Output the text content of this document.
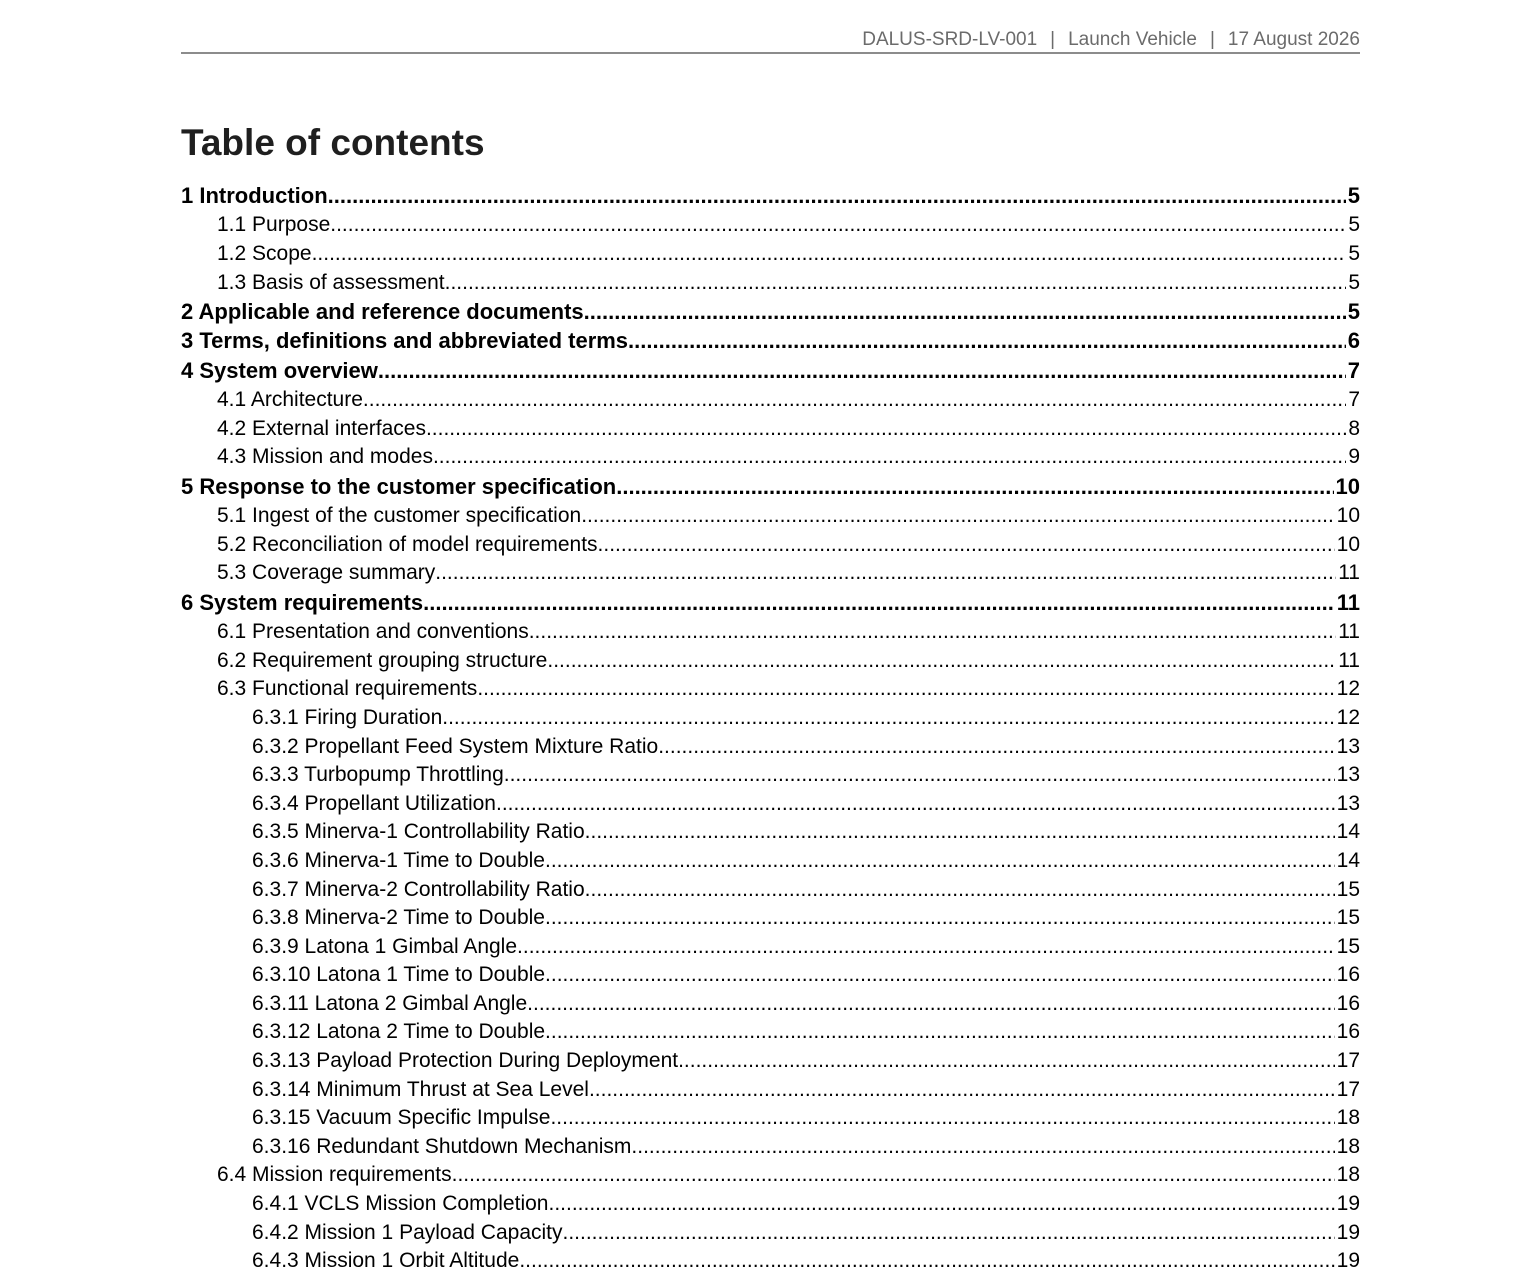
DALUS-SRD-LV-001 | Launch Vehicle | 17 August 2026
Table of contents
1 Introduction .....	5
1.1 Purpose .....	5
1.2 Scope .....	5
1.3 Basis of assessment .....	5
2 Applicable and reference documents .....	5
3 Terms, definitions and abbreviated terms .....	6
4 System overview .....	7
4.1 Architecture .....	7
4.2 External interfaces .....	8
4.3 Mission and modes .....	9
5 Response to the customer specification .....	10
5.1 Ingest of the customer specification .....	10
5.2 Reconciliation of model requirements .....	10
5.3 Coverage summary .....	11
6 System requirements .....	11
6.1 Presentation and conventions .....	11
6.2 Requirement grouping structure .....	11
6.3 Functional requirements .....	12
6.3.1 Firing Duration .....	12
6.3.2 Propellant Feed System Mixture Ratio .....	13
6.3.3 Turbopump Throttling .....	13
6.3.4 Propellant Utilization .....	13
6.3.5 Minerva-1 Controllability Ratio .....	14
6.3.6 Minerva-1 Time to Double .....	14
6.3.7 Minerva-2 Controllability Ratio .....	15
6.3.8 Minerva-2 Time to Double .....	15
6.3.9 Latona 1 Gimbal Angle .....	15
6.3.10 Latona 1 Time to Double .....	16
6.3.11 Latona 2 Gimbal Angle .....	16
6.3.12 Latona 2 Time to Double .....	16
6.3.13 Payload Protection During Deployment .....	17
6.3.14 Minimum Thrust at Sea Level .....	17
6.3.15 Vacuum Specific Impulse .....	18
6.3.16 Redundant Shutdown Mechanism .....	18
6.4 Mission requirements .....	18
6.4.1 VCLS Mission Completion .....	19
6.4.2 Mission 1 Payload Capacity .....	19
6.4.3 Mission 1 Orbit Altitude .....	19
